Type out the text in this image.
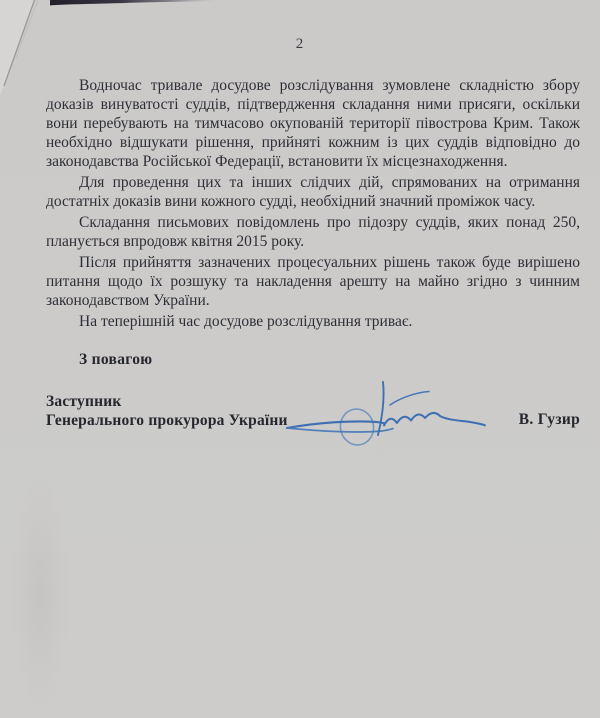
2

Водночас тривале досудове розслідування зумовлене складністю збору доказів винуватості суддів, підтвердження складання ними присяги, оскільки вони перебувають на тимчасово окупованій території півострова Крим. Також необхідно відшукати рішення, прийняті кожним із цих суддів відповідно до законодавства Російської Федерації, встановити їх місцезнаходження.

Для проведення цих та інших слідчих дій, спрямованих на отримання достатніх доказів вини кожного судді, необхідний значний проміжок часу.

Складання письмових повідомлень про підозру суддів, яких понад 250, планується впродовж квітня 2015 року.

Після прийняття зазначених процесуальних рішень також буде вирішено питання щодо їх розшуку та накладення арешту на майно згідно з чинним законодавством України.

На теперішній час досудове розслідування триває.

З повагою
Заступник
Генерального прокурора України	В. Гузир
